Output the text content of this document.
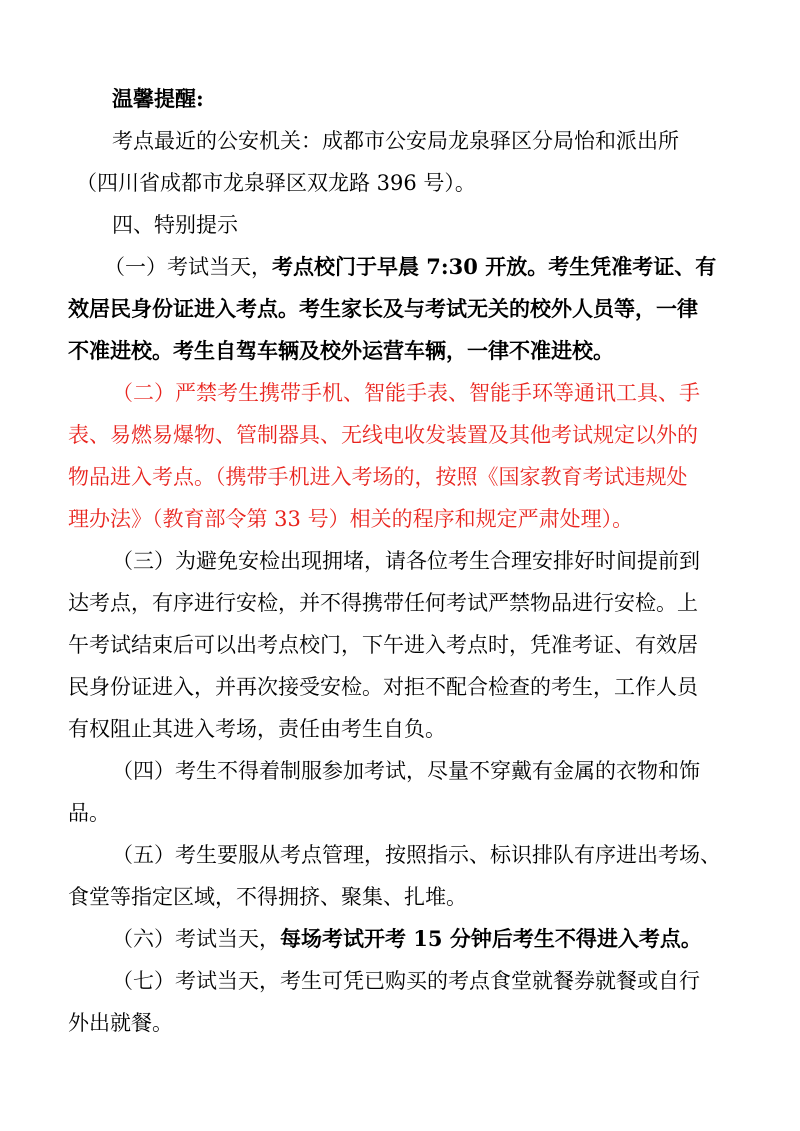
温馨提醒:
考点最近的公安机关：成都市公安局龙泉驿区分局怡和派出所
（四川省成都市龙泉驿区双龙路 396 号）。
四、特别提示
（一）考试当天，考点校门于早晨 7:30 开放。考生凭准考证、有
效居民身份证进入考点。考生家长及与考试无关的校外人员等，一律
不准进校。考生自驾车辆及校外运营车辆，一律不准进校。
（二）严禁考生携带手机、智能手表、智能手环等通讯工具、手
表、易燃易爆物、管制器具、无线电收发装置及其他考试规定以外的
物品进入考点。（携带手机进入考场的，按照《国家教育考试违规处
理办法》（教育部令第 33 号）相关的程序和规定严肃处理）。
（三）为避免安检出现拥堵，请各位考生合理安排好时间提前到
达考点，有序进行安检，并不得携带任何考试严禁物品进行安检。上
午考试结束后可以出考点校门，下午进入考点时，凭准考证、有效居
民身份证进入，并再次接受安检。对拒不配合检查的考生，工作人员
有权阻止其进入考场，责任由考生自负。
（四）考生不得着制服参加考试，尽量不穿戴有金属的衣物和饰
品。
（五）考生要服从考点管理，按照指示、标识排队有序进出考场、
食堂等指定区域，不得拥挤、聚集、扎堆。
（六）考试当天，每场考试开考 15 分钟后考生不得进入考点。
（七）考试当天，考生可凭已购买的考点食堂就餐券就餐或自行
外出就餐。
